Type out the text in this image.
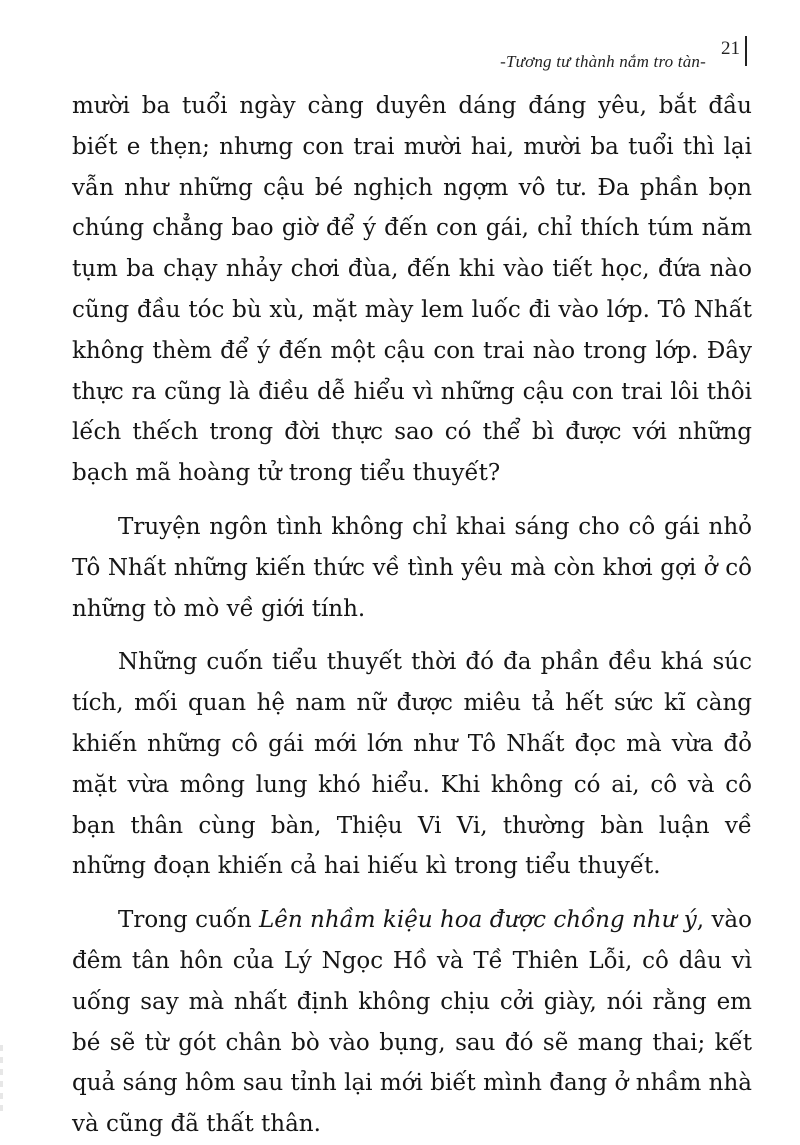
-Tương tư thành nắm tro tàn-
21

mười ba tuổi ngày càng duyên dáng đáng yêu, bắt đầu biết e thẹn; nhưng con trai mười hai, mười ba tuổi thì lại vẫn như những cậu bé nghịch ngợm vô tư. Đa phần bọn chúng chẳng bao giờ để ý đến con gái, chỉ thích túm năm tụm ba chạy nhảy chơi đùa, đến khi vào tiết học, đứa nào cũng đầu tóc bù xù, mặt mày lem luốc đi vào lớp. Tô Nhất không thèm để ý đến một cậu con trai nào trong lớp. Đây thực ra cũng là điều dễ hiểu vì những cậu con trai lôi thôi lếch thếch trong đời thực sao có thể bì được với những bạch mã hoàng tử trong tiểu thuyết?

Truyện ngôn tình không chỉ khai sáng cho cô gái nhỏ Tô Nhất những kiến thức về tình yêu mà còn khơi gợi ở cô những tò mò về giới tính.

Những cuốn tiểu thuyết thời đó đa phần đều khá súc tích, mối quan hệ nam nữ được miêu tả hết sức kĩ càng khiến những cô gái mới lớn như Tô Nhất đọc mà vừa đỏ mặt vừa mông lung khó hiểu. Khi không có ai, cô và cô bạn thân cùng bàn, Thiệu Vi Vi, thường bàn luận về những đoạn khiến cả hai hiếu kì trong tiểu thuyết.

Trong cuốn Lên nhầm kiệu hoa được chồng như ý, vào đêm tân hôn của Lý Ngọc Hồ và Tề Thiên Lỗi, cô dâu vì uống say mà nhất định không chịu cởi giày, nói rằng em bé sẽ từ gót chân bò vào bụng, sau đó sẽ mang thai; kết quả sáng hôm sau tỉnh lại mới biết mình đang ở nhầm nhà và cũng đã thất thân.
